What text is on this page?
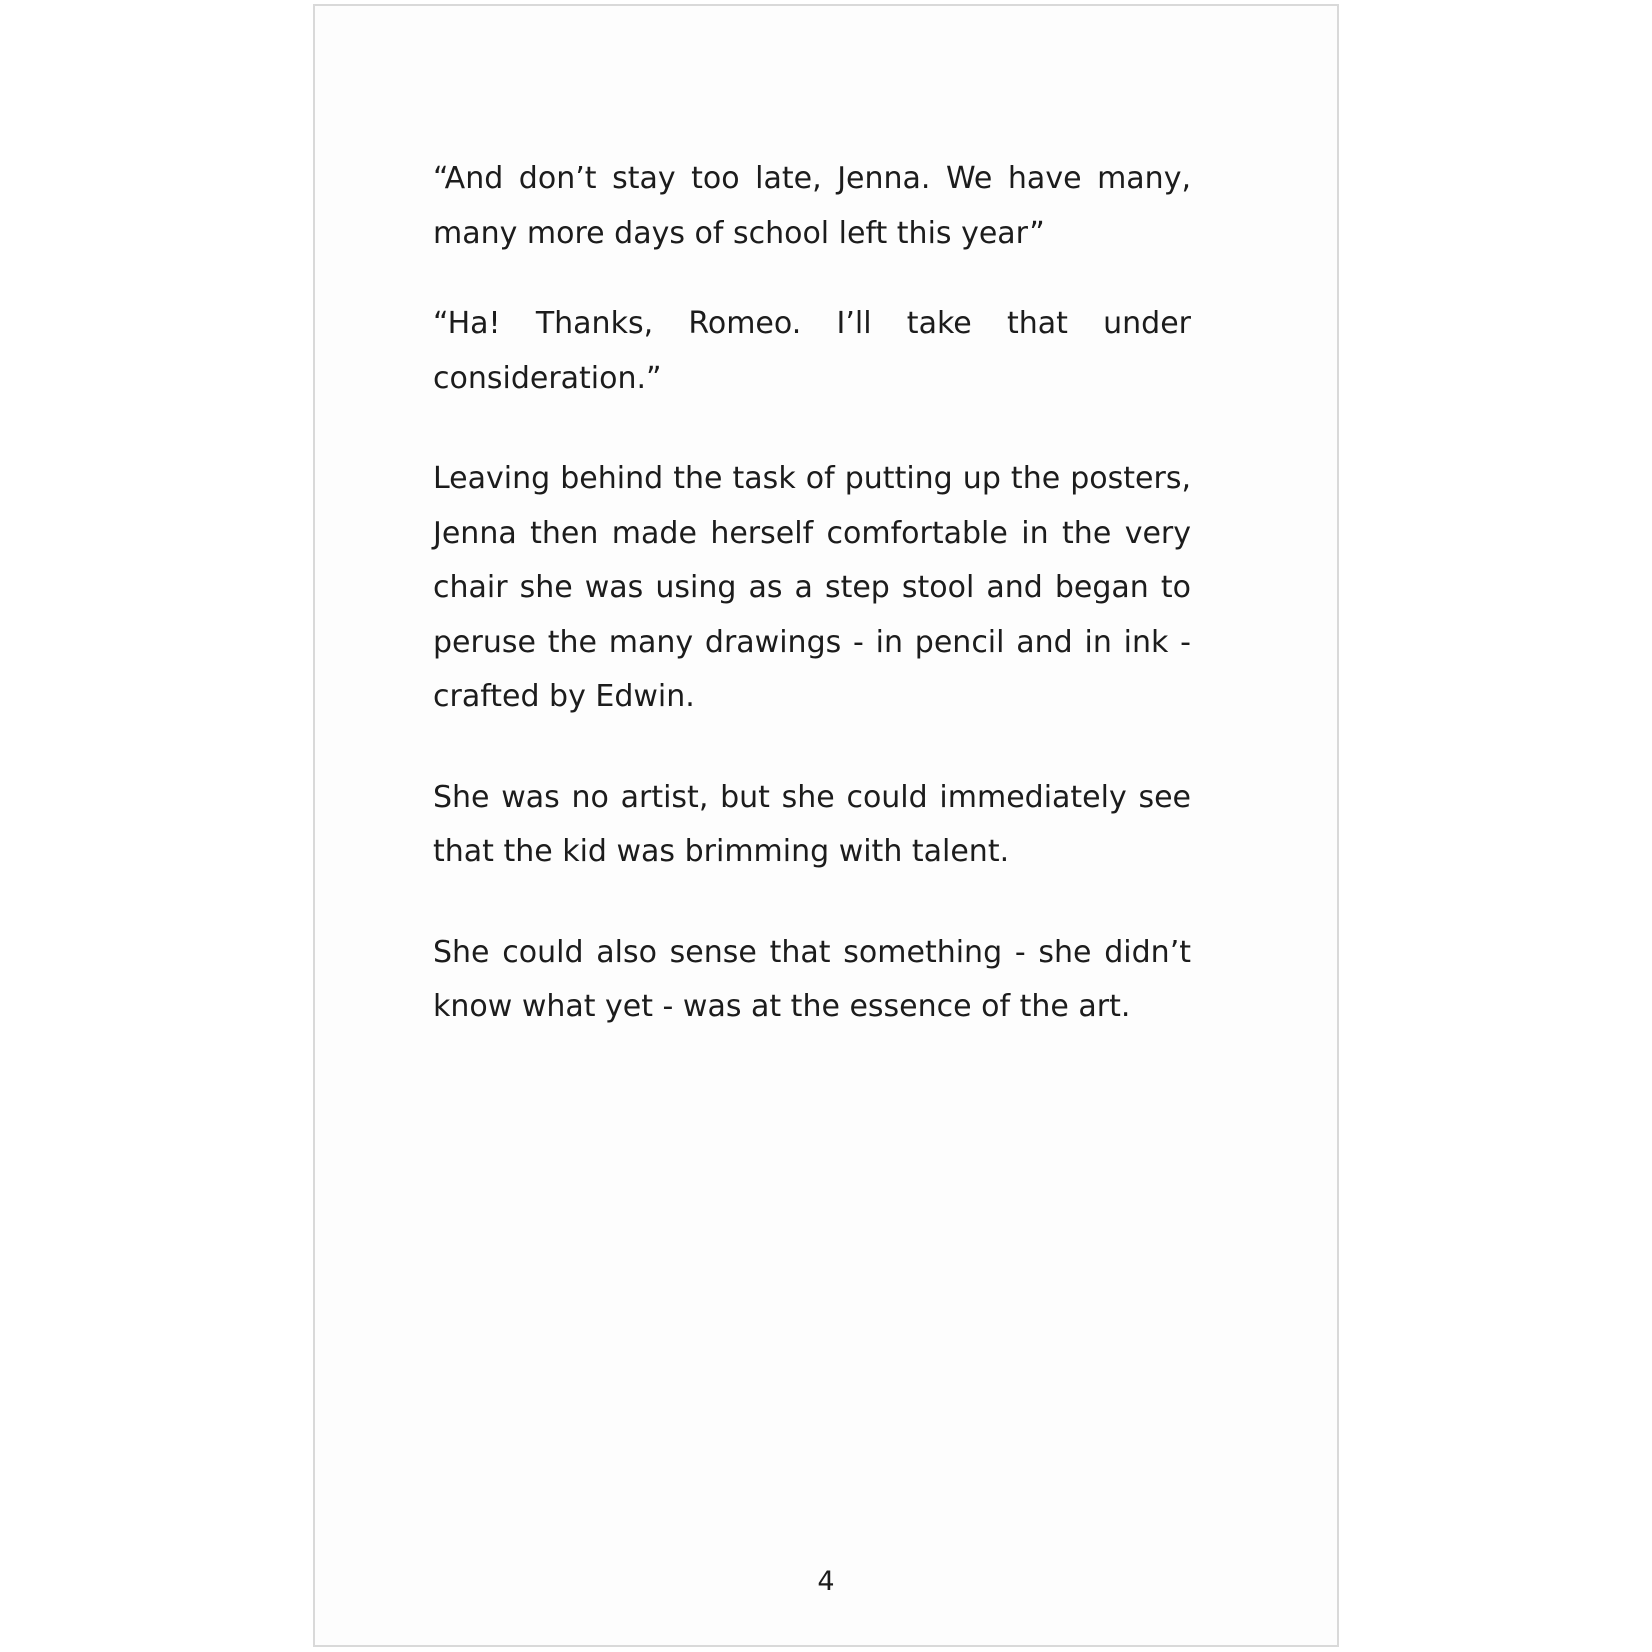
“And don’t stay too late, Jenna. We have many, many more days of school left this year”

“Ha! Thanks, Romeo. I’ll take that under consideration.”

Leaving behind the task of putting up the posters, Jenna then made herself comfortable in the very chair she was using as a step stool and began to peruse the many drawings - in pencil and in ink - crafted by Edwin.

She was no artist, but she could immediately see that the kid was brimming with talent.

She could also sense that something - she didn’t know what yet - was at the essence of the art.

4
